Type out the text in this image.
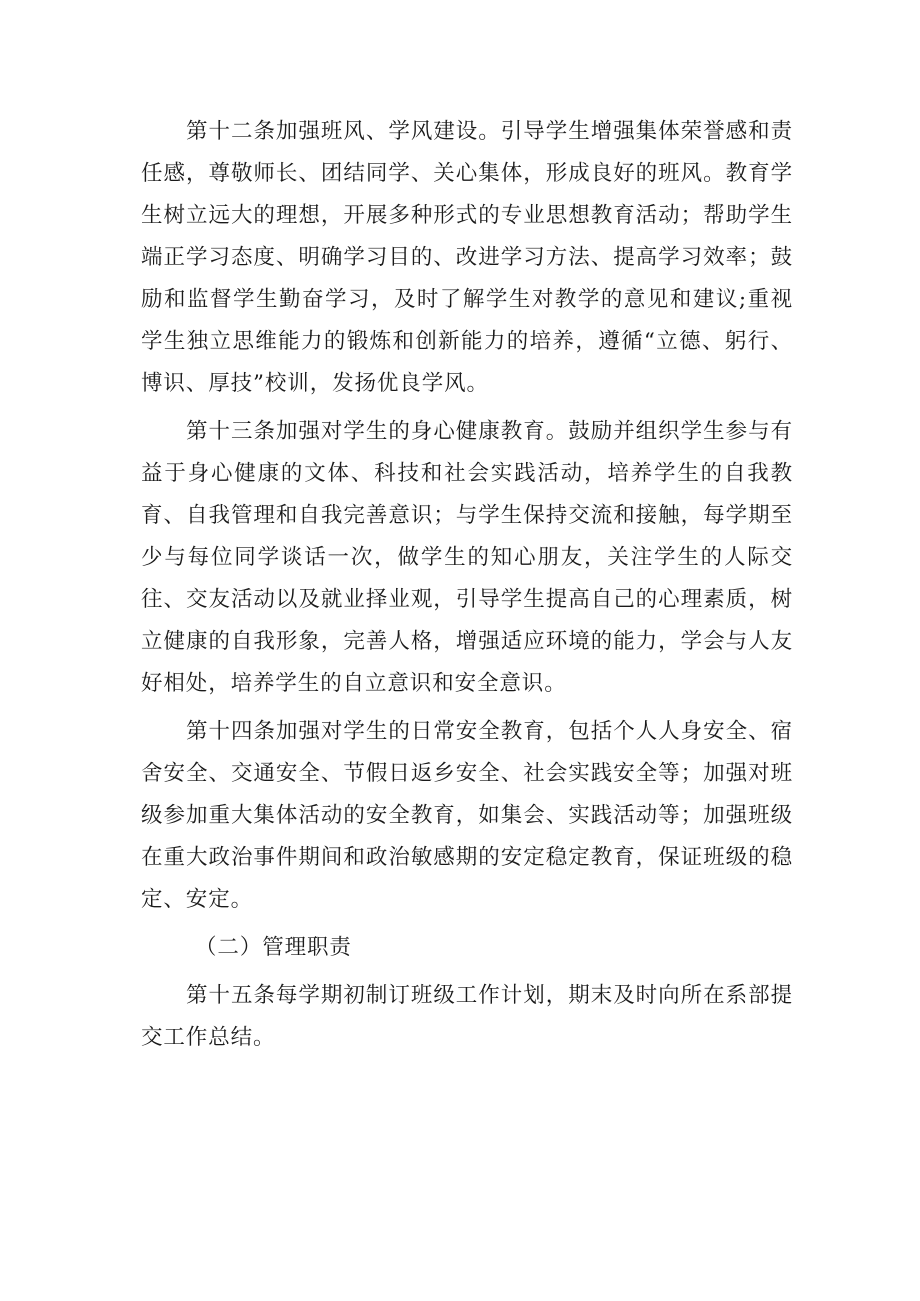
第十二条加强班风、学风建设。引导学生增强集体荣誉感和责任感，尊敬师长、团结同学、关心集体，形成良好的班风。教育学生树立远大的理想，开展多种形式的专业思想教育活动；帮助学生端正学习态度、明确学习目的、改进学习方法、提高学习效率；鼓励和监督学生勤奋学习，及时了解学生对教学的意见和建议;重视学生独立思维能力的锻炼和创新能力的培养，遵循“立德、躬行、博识、厚技”校训，发扬优良学风。

第十三条加强对学生的身心健康教育。鼓励并组织学生参与有益于身心健康的文体、科技和社会实践活动，培养学生的自我教育、自我管理和自我完善意识；与学生保持交流和接触，每学期至少与每位同学谈话一次，做学生的知心朋友，关注学生的人际交往、交友活动以及就业择业观，引导学生提高自己的心理素质，树立健康的自我形象，完善人格，增强适应环境的能力，学会与人友好相处，培养学生的自立意识和安全意识。

第十四条加强对学生的日常安全教育，包括个人人身安全、宿舍安全、交通安全、节假日返乡安全、社会实践安全等；加强对班级参加重大集体活动的安全教育，如集会、实践活动等；加强班级在重大政治事件期间和政治敏感期的安定稳定教育，保证班级的稳定、安定。

（二）管理职责

第十五条每学期初制订班级工作计划，期末及时向所在系部提交工作总结。
